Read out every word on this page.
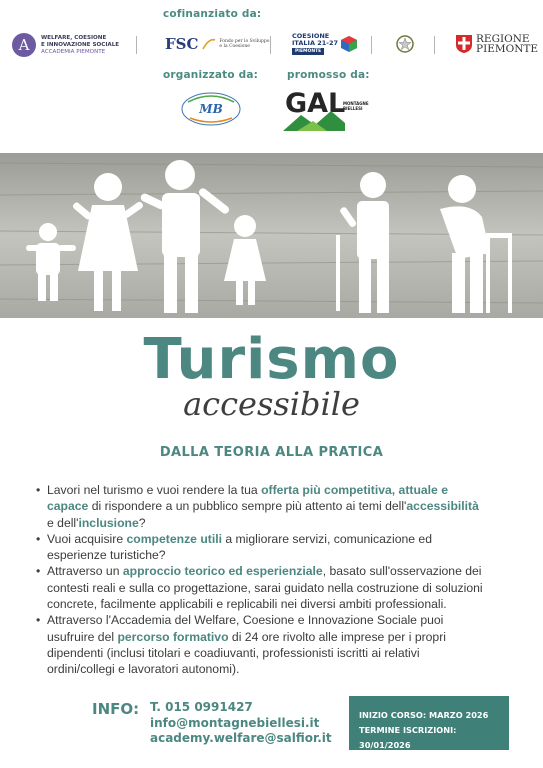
cofinanziato da:
organizzato da:	promosso da:
A	WELFARE, COESIONE
E INNOVAZIONE SOCIALE
ACCADEMIA PIEMONTE	FSC	Fondo per lo Sviluppo
e la Coesione
COESIONE
ITALIA 21-27
PIEMONTE
REGIONE
PIEMONTE
MB GAL
MONTAGNE BIELLESI
Turismo
accessibile
DALLA TEORIA ALLA PRATICA
• Lavori nel turismo e vuoi rendere la tua offerta più competitiva, attuale e capace di rispondere a un pubblico sempre più attento ai temi dell'accessibilità e dell'inclusione?
• Vuoi acquisire competenze utili a migliorare servizi, comunicazione ed esperienze turistiche?
• Attraverso un approccio teorico ed esperienziale, basato sull'osservazione dei contesti reali e sulla co progettazione, sarai guidato nella costruzione di soluzioni concrete, facilmente applicabili e replicabili nei diversi ambiti professionali.
• Attraverso l'Accademia del Welfare, Coesione e Innovazione Sociale puoi usufruire del percorso formativo di 24 ore rivolto alle imprese per i propri dipendenti (inclusi titolari e coadiuvanti, professionisti iscritti ai relativi ordini/collegi e lavoratori autonomi).
INFO: T. 015 0991427
info@montagnebiellesi.it
academy.welfare@salfior.it
INIZIO CORSO: MARZO 2026
TERMINE ISCRIZIONI: 30/01/2026
